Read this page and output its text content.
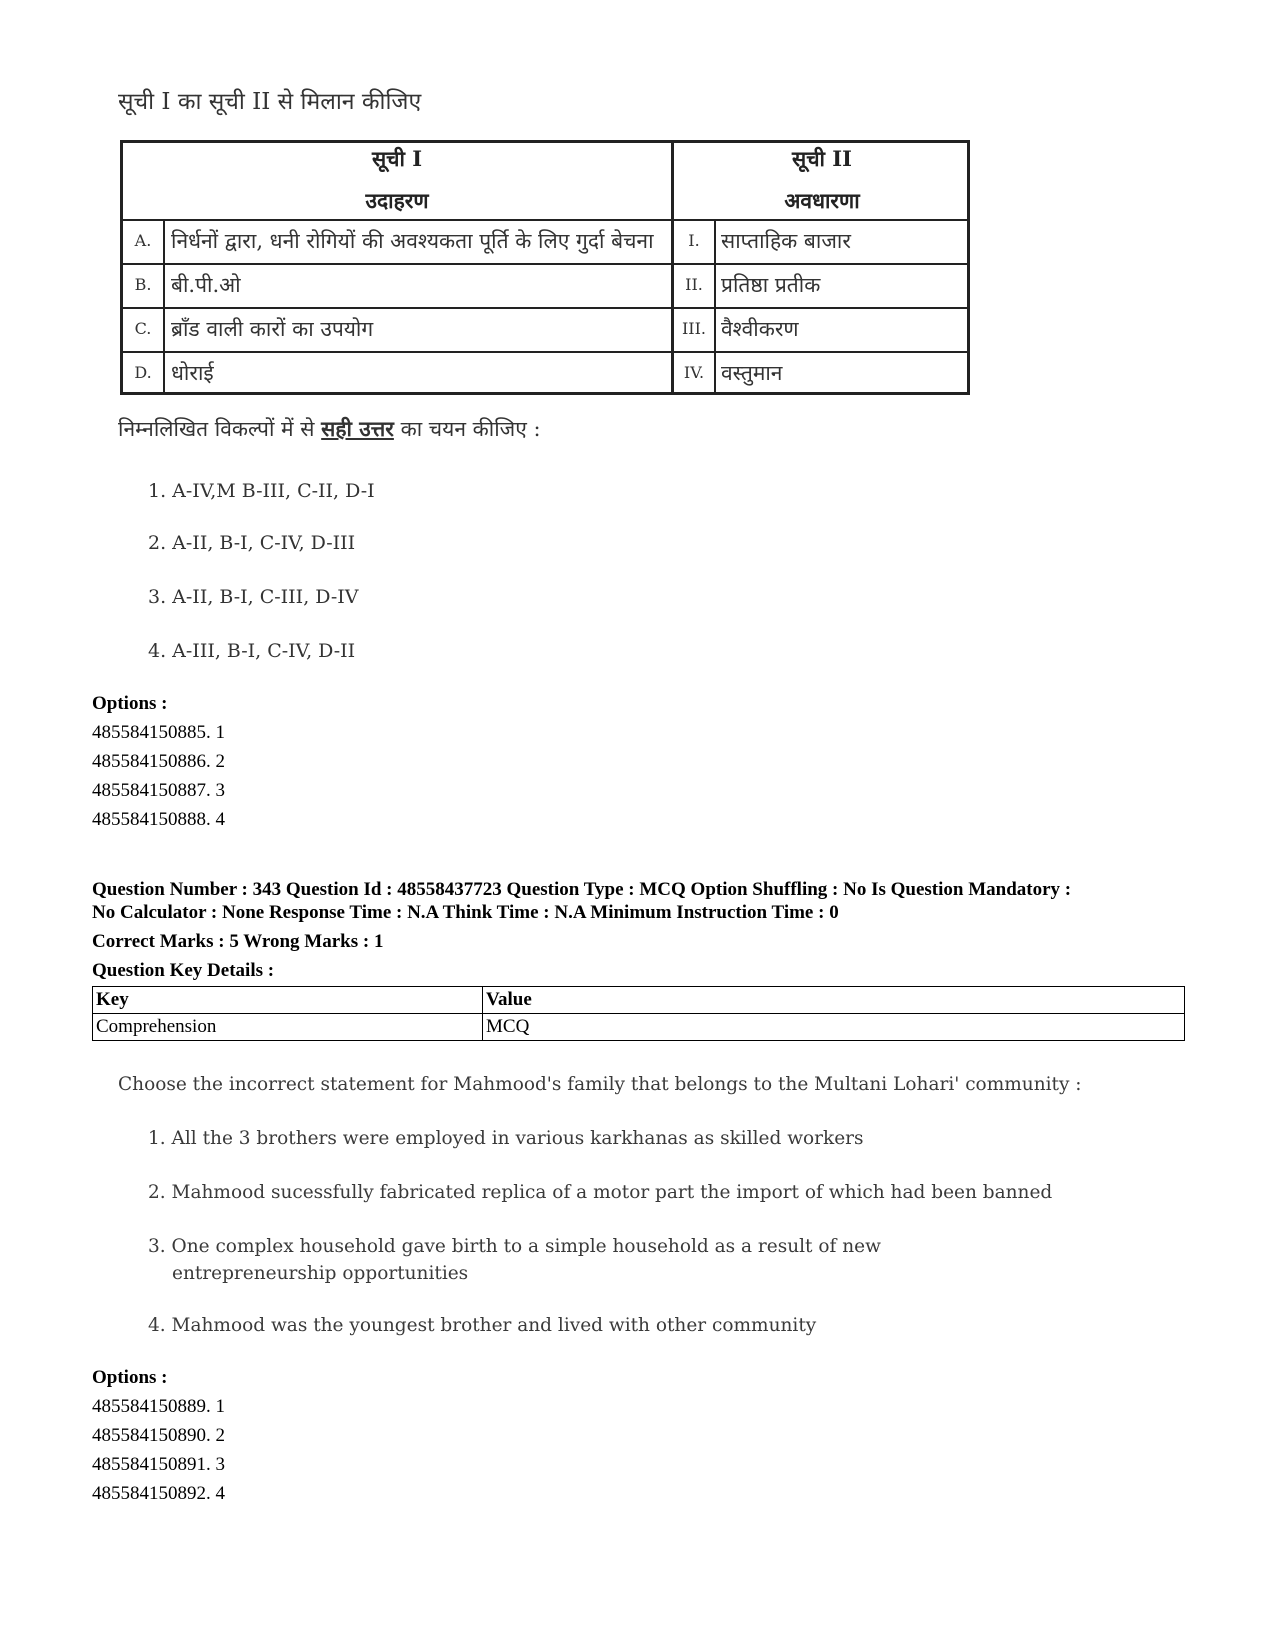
सूची I का सूची II से मिलान कीजिए
सूची I
उदाहरण
सूची II
अवधारणा
A. निर्धनों द्वारा, धनी रोगियों की अवश्यकता पूर्ति के लिए गुर्दा बेचना	I.	साप्ताहिक बाजार
B. बी.पी.ओ	II. प्रतिष्ठा प्रतीक
C. ब्रॉंड वाली कारों का उपयोग	III. वैश्वीकरण
D. धोराई	IV. वस्तुमान
निम्नलिखित विकल्पों में से सही उत्तर का चयन कीजिए :
1. A-IV,M B-III, C-II, D-I
2. A-II, B-I, C-IV, D-III
3. A-II, B-I, C-III, D-IV
4. A-III, B-I, C-IV, D-II
Options :
485584150885. 1
485584150886. 2
485584150887. 3
485584150888. 4
Question Number : 343 Question Id : 48558437723 Question Type : MCQ Option Shuffling : No Is Question Mandatory :
No Calculator : None Response Time : N.A Think Time : N.A Minimum Instruction Time : 0
Correct Marks : 5 Wrong Marks : 1
Question Key Details :
Key	Value
Comprehension	MCQ
Choose the incorrect statement for Mahmood's family that belongs to the Multani Lohari' community :
1. All the 3 brothers were employed in various karkhanas as skilled workers
2. Mahmood sucessfully fabricated replica of a motor part the import of which had been banned
3. One complex household gave birth to a simple household as a result of new
entrepreneurship opportunities
4. Mahmood was the youngest brother and lived with other community
Options :
485584150889. 1
485584150890. 2
485584150891. 3
485584150892. 4
